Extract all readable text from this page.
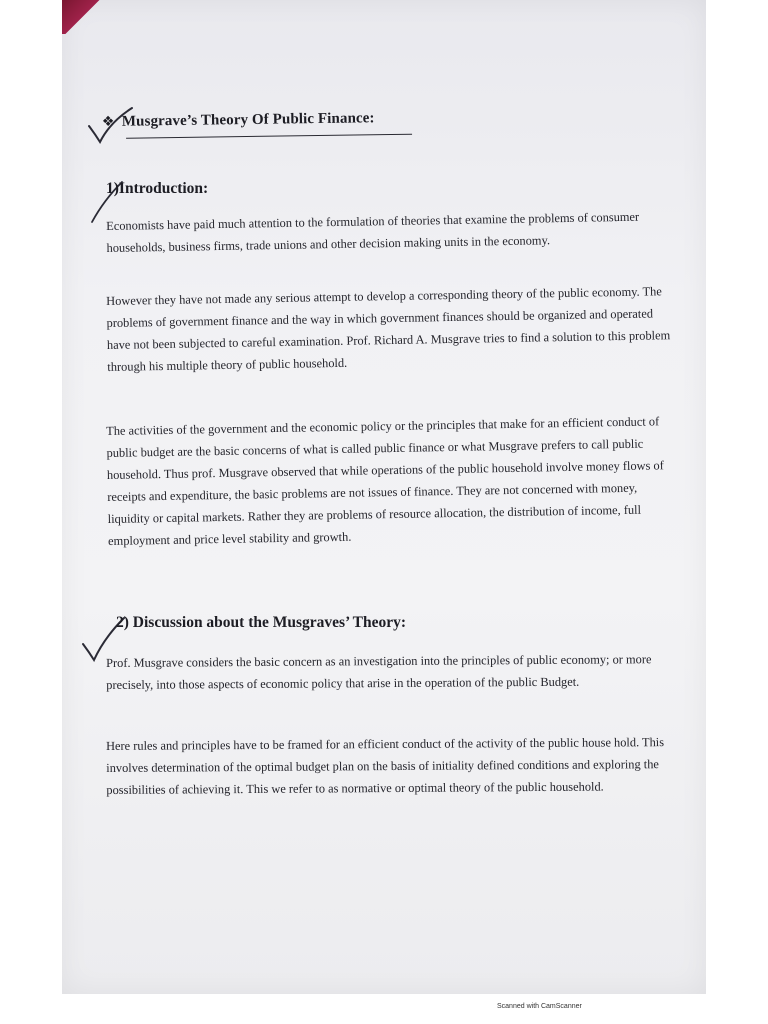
❖ Musgrave’s Theory Of Public Finance:
1)Introduction:
Economists have paid much attention to the formulation of theories that examine the problems of consumer households, business firms, trade unions and other decision making units in the economy.
However they have not made any serious attempt to develop a corresponding theory of the public economy. The problems of government finance and the way in which government finances should be organized and operated have not been subjected to careful examination. Prof. Richard A. Musgrave tries to find a solution to this problem through his multiple theory of public household.
The activities of the government and the economic policy or the principles that make for an efficient conduct of public budget are the basic concerns of what is called public finance or what Musgrave prefers to call public household. Thus prof. Musgrave observed that while operations of the public household involve money flows of receipts and expenditure, the basic problems are not issues of finance. They are not concerned with money, liquidity or capital markets. Rather they are problems of resource allocation, the distribution of income, full employment and price level stability and growth.
2) Discussion about the Musgraves’ Theory:
Prof. Musgrave considers the basic concern as an investigation into the principles of public economy; or more precisely, into those aspects of economic policy that arise in the operation of the public Budget.
Here rules and principles have to be framed for an efficient conduct of the activity of the public house hold. This involves determination of the optimal budget plan on the basis of initiality defined conditions and exploring the possibilities of achieving it. This we refer to as normative or optimal theory of the public household.
Scanned with CamScanner
